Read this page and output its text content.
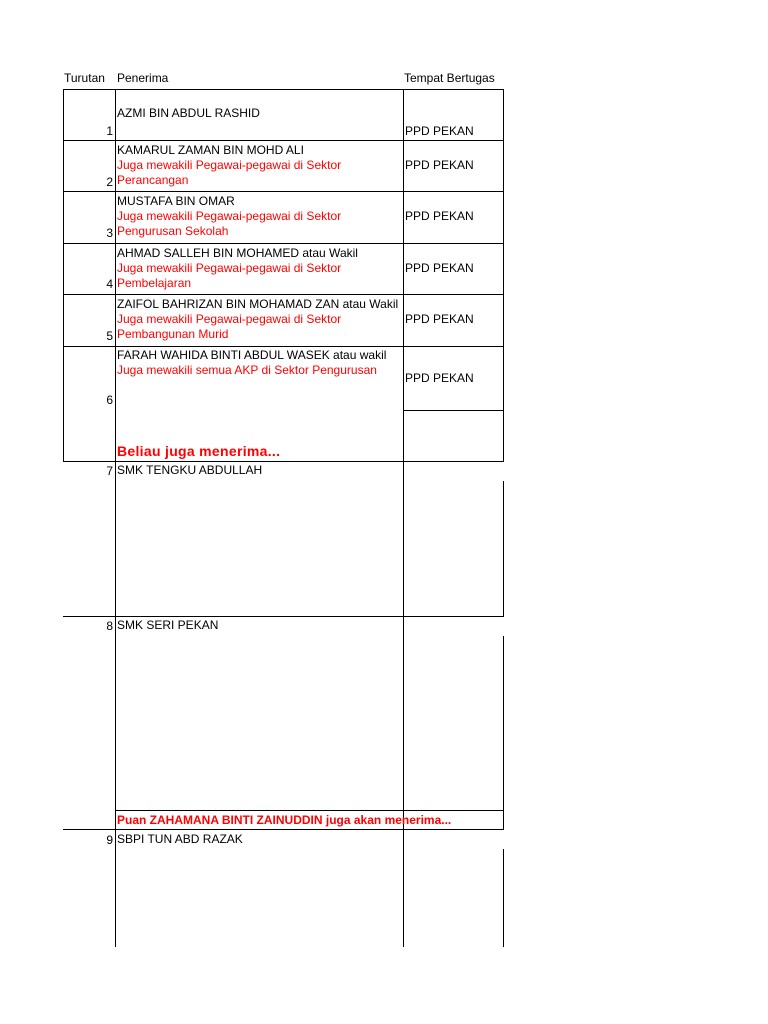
Turutan Penerima	Tempat Bertugas
1
AZMI BIN ABDUL RASHID
PPD PEKAN
2
KAMARUL ZAMAN BIN MOHD ALI
Juga mewakili Pegawai-pegawai di Sektor
Perancangan
PPD PEKAN
3
MUSTAFA BIN OMAR
Juga mewakili Pegawai-pegawai di Sektor
Pengurusan Sekolah
PPD PEKAN
4
AHMAD SALLEH BIN MOHAMED atau Wakil
Juga mewakili Pegawai-pegawai di Sektor
Pembelajaran
PPD PEKAN
5
ZAIFOL BAHRIZAN BIN MOHAMAD ZAN atau Wakil
Juga mewakili Pegawai-pegawai di Sektor
Pembangunan Murid
PPD PEKAN
6
FARAH WAHIDA BINTI ABDUL WASEK atau wakil
Juga mewakili semua AKP di Sektor Pengurusan
PPD PEKAN
Beliau juga menerima...
7 SMK TENGKU ABDULLAH
8 SMK SERI PEKAN
Puan ZAHAMANA BINTI ZAINUDDIN juga akan menerima...
9 SBPI TUN ABD RAZAK
